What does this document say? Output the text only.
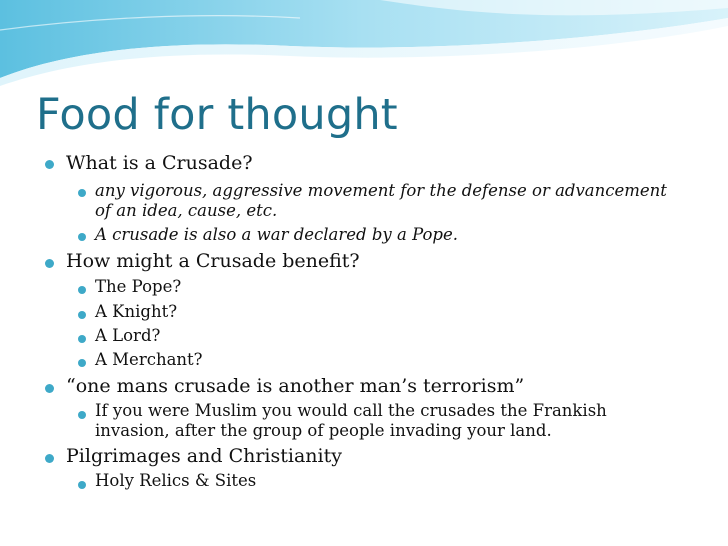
Food for thought
What is a Crusade?
any vigorous, aggressive movement for the defense or advancement of an idea, cause, etc.
A crusade is also a war declared by a Pope.
How might a Crusade benefit?
The Pope?
A Knight?
A Lord?
A Merchant?
“one mans crusade is another man’s terrorism”
If you were Muslim you would call the crusades the Frankish invasion, after the group of people invading your land.
Pilgrimages and Christianity
Holy Relics & Sites
